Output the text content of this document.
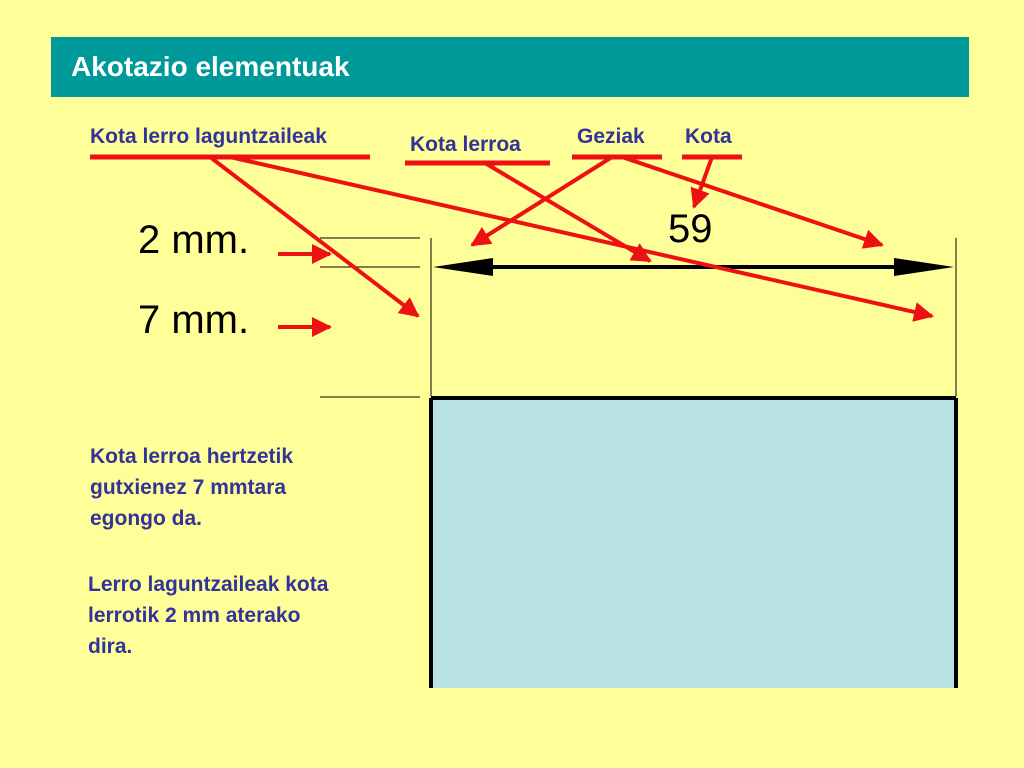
Akotazio elementuak
Kota lerro laguntzaileak	Kota lerroa	Geziak Kota
2 mm.
7 mm.
59
Kota lerroa hertzetik
gutxienez 7 mmtara
egongo da.
Lerro laguntzaileak kota
lerrotik 2 mm aterako
dira.
